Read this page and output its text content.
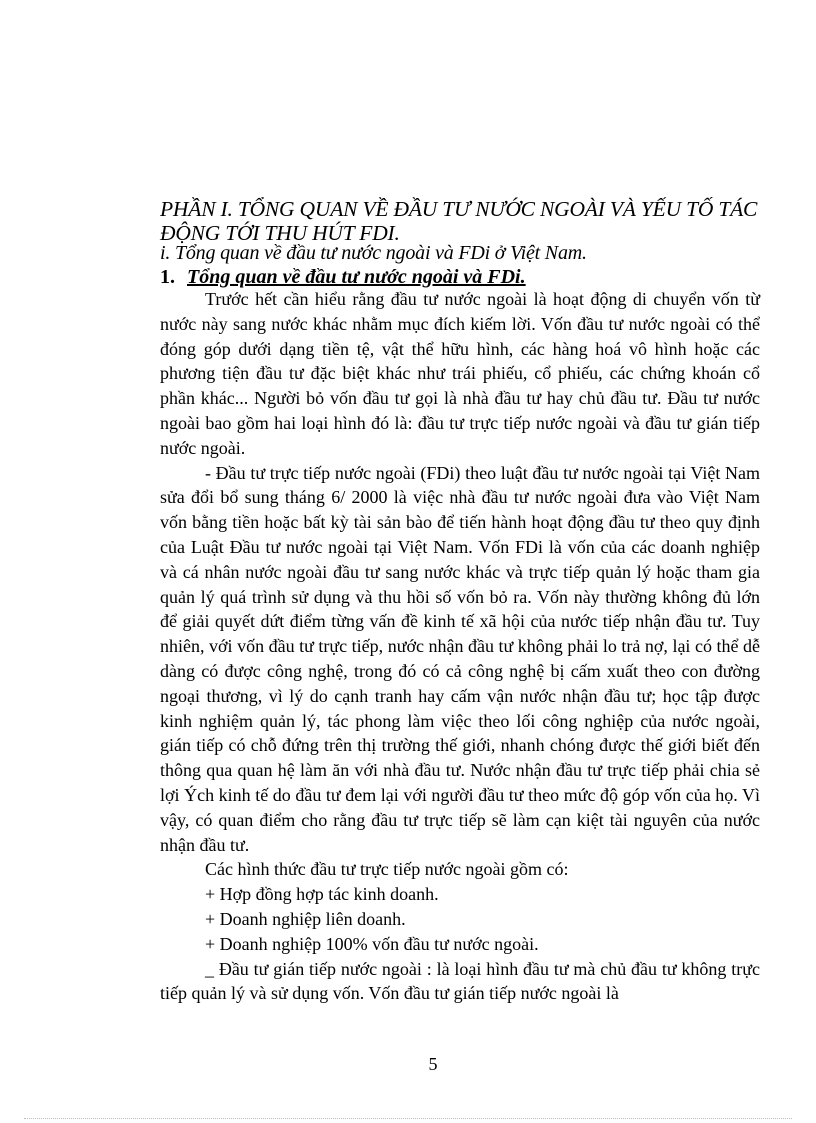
PHẦN I. TỔNG QUAN VỀ ĐẦU TƯ NƯỚC NGOÀI VÀ YẾU TỐ TÁC ĐỘNG TỚI THU HÚT FDI.
i. Tổng quan về đầu tư nước ngoài và FDi ở Việt Nam.
1. Tổng quan về đầu tư nước ngoài và FDi.

Trước hết cần hiểu rằng đầu tư nước ngoài là hoạt động di chuyển vốn từ nước này sang nước khác nhằm mục đích kiếm lời. Vốn đầu tư nước ngoài có thể đóng góp dưới dạng tiền tệ, vật thể hữu hình, các hàng hoá vô hình hoặc các phương tiện đầu tư đặc biệt khác như trái phiếu, cổ phiếu, các chứng khoán cổ phần khác... Người bỏ vốn đầu tư gọi là nhà đầu tư hay chủ đầu tư. Đầu tư nước ngoài bao gồm hai loại hình đó là: đầu tư trực tiếp nước ngoài và đầu tư gián tiếp nước ngoài.

- Đầu tư trực tiếp nước ngoài (FDi) theo luật đầu tư nước ngoài tại Việt Nam sửa đổi bổ sung tháng 6/ 2000 là việc nhà đầu tư nước ngoài đưa vào Việt Nam vốn bằng tiền hoặc bất kỳ tài sản bào để tiến hành hoạt động đầu tư theo quy định của Luật Đầu tư nước ngoài tại Việt Nam. Vốn FDi là vốn của các doanh nghiệp và cá nhân nước ngoài đầu tư sang nước khác và trực tiếp quản lý hoặc tham gia quản lý quá trình sử dụng và thu hồi số vốn bỏ ra. Vốn này thường không đủ lớn để giải quyết dứt điểm từng vấn đề kinh tế xã hội của nước tiếp nhận đầu tư. Tuy nhiên, với vốn đầu tư trực tiếp, nước nhận đầu tư không phải lo trả nợ, lại có thể dễ dàng có được công nghệ, trong đó có cả công nghệ bị cấm xuất theo con đường ngoại thương, vì lý do cạnh tranh hay cấm vận nước nhận đầu tư; học tập được kinh nghiệm quản lý, tác phong làm việc theo lối công nghiệp của nước ngoài, gián tiếp có chỗ đứng trên thị trường thế giới, nhanh chóng được thế giới biết đến thông qua quan hệ làm ăn với nhà đầu tư. Nước nhận đầu tư trực tiếp phải chia sẻ lợi Ých kinh tế do đầu tư đem lại với người đầu tư theo mức độ góp vốn của họ. Vì vậy, có quan điểm cho rằng đầu tư trực tiếp sẽ làm cạn kiệt tài nguyên của nước nhận đầu tư.

Các hình thức đầu tư trực tiếp nước ngoài gồm có:

+ Hợp đồng hợp tác kinh doanh.

+ Doanh nghiệp liên doanh.

+ Doanh nghiệp 100% vốn đầu tư nước ngoài.

_ Đầu tư gián tiếp nước ngoài : là loại hình đầu tư mà chủ đầu tư không trực tiếp quản lý và sử dụng vốn. Vốn đầu tư gián tiếp nước ngoài là

5
